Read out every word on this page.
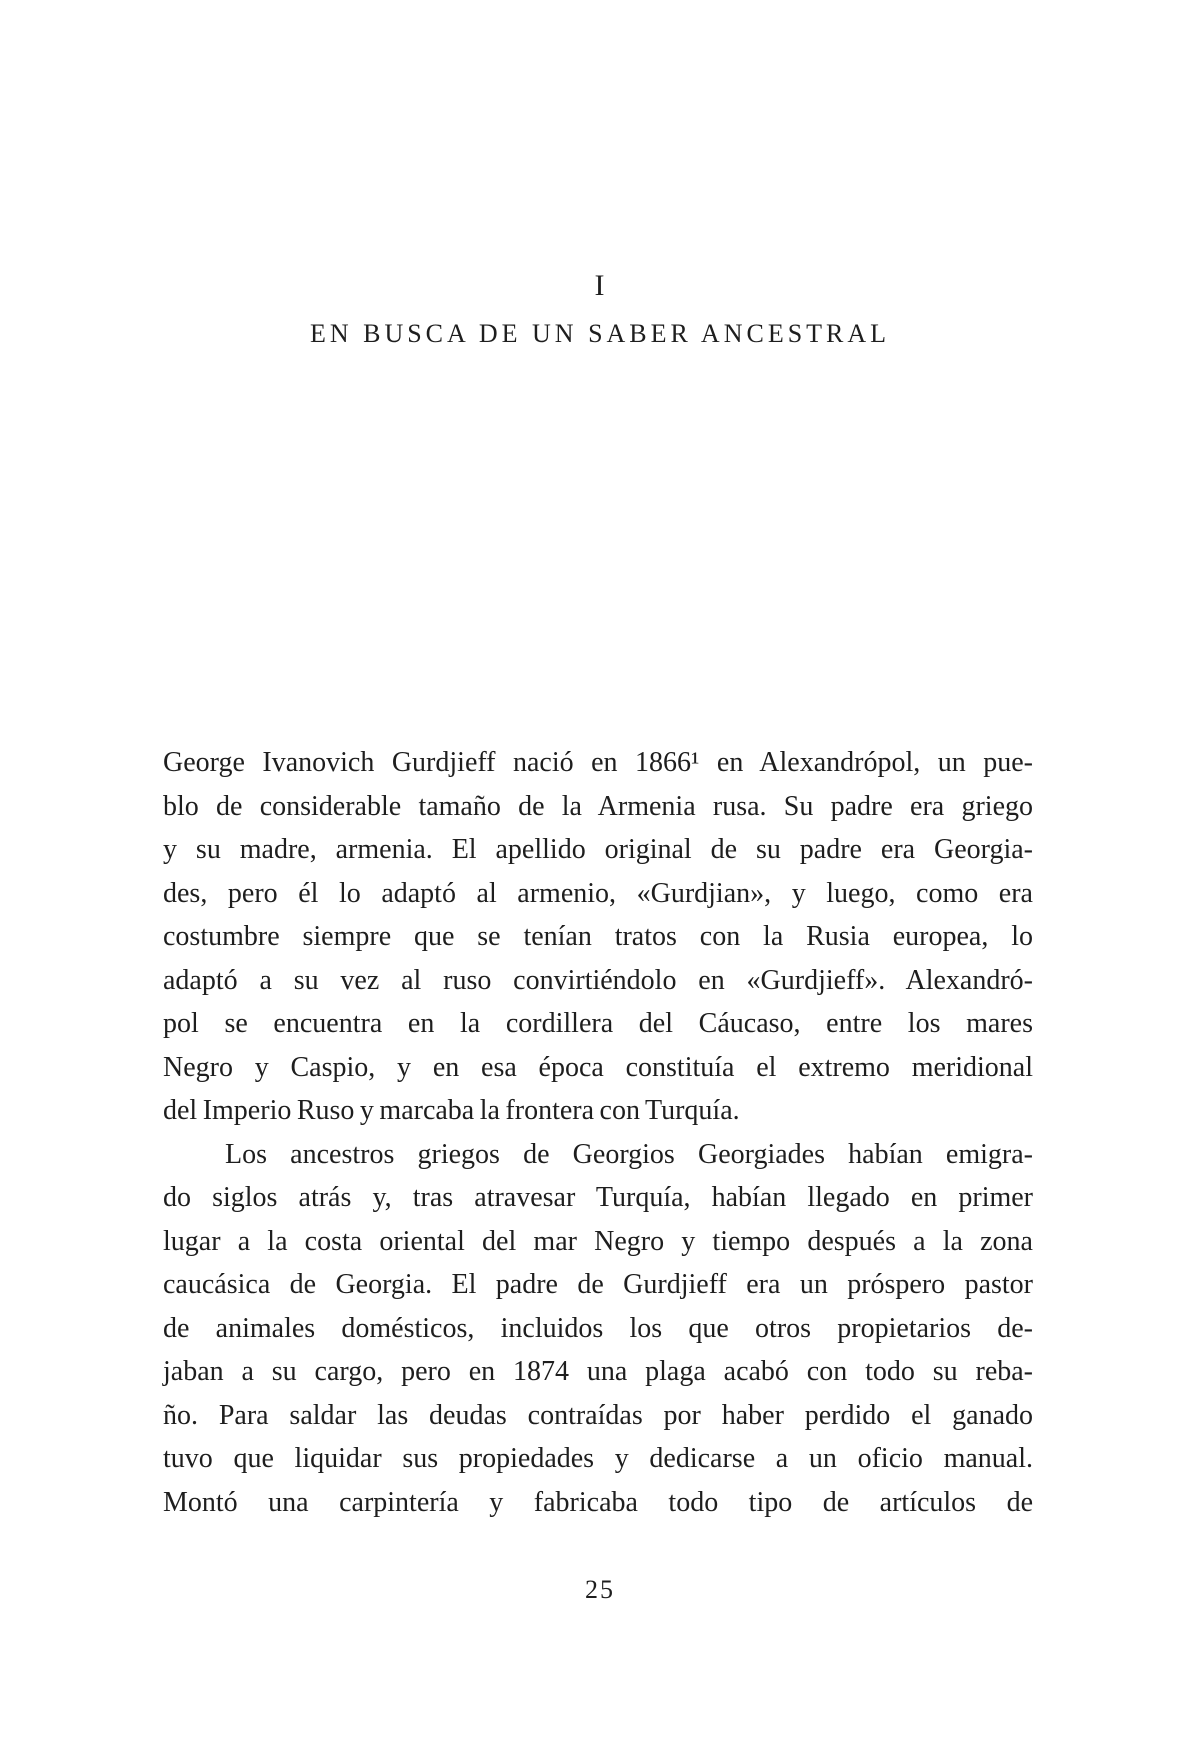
I
EN BUSCA DE UN SABER ANCESTRAL

George Ivanovich Gurdjieff nació en 1866¹ en Alexandrópol, un pue-
blo de considerable tamaño de la Armenia rusa. Su padre era griego
y su madre, armenia. El apellido original de su padre era Georgia-
des, pero él lo adaptó al armenio, «Gurdjian», y luego, como era
costumbre siempre que se tenían tratos con la Rusia europea, lo
adaptó a su vez al ruso convirtiéndolo en «Gurdjieff». Alexandró-
pol se encuentra en la cordillera del Cáucaso, entre los mares
Negro y Caspio, y en esa época constituía el extremo meridional
del Imperio Ruso y marcaba la frontera con Turquía.

Los ancestros griegos de Georgios Georgiades habían emigra-
do siglos atrás y, tras atravesar Turquía, habían llegado en primer
lugar a la costa oriental del mar Negro y tiempo después a la zona
caucásica de Georgia. El padre de Gurdjieff era un próspero pastor
de animales domésticos, incluidos los que otros propietarios de-
jaban a su cargo, pero en 1874 una plaga acabó con todo su reba-
ño. Para saldar las deudas contraídas por haber perdido el ganado
tuvo que liquidar sus propiedades y dedicarse a un oficio manual.
Montó una carpintería y fabricaba todo tipo de artículos de

25
